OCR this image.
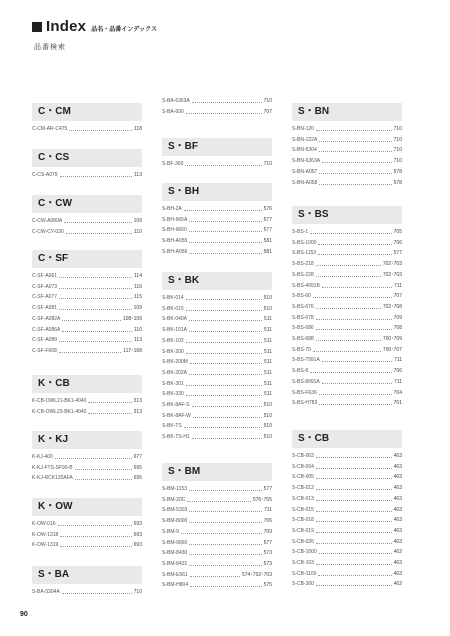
Index 品名・品番インデックス
品番検索
C・CM
C-CM-AR-C475	118
C・CS
C-CS-A079	113
C・CW
C-CW-A080A	109
C-CW-CY-030	110
C・SF
C-SF-A061	114
C-SF-A073	116
C-SF-A077	115
C-SF-A081	109
C-SF-A082A	108･109
C-SF-A086A	110
C-SF-A089	113
C-SF-F668	117･168
K・CB
K-CB-OWL21-BK1-4040	313
K-CB-OWL23-BK1-4040	313
K・KJ
K-KJ-400	677
K-KJ-FTS-SF90-B	695
K-KJ-RCK120AFA	695
K・OW
K-OW-016	693
K-OW-1318	693
K-OW-1319	693
S・BA
S-BA-5304A	710
S-BA-6363A	710
S-BA-690	707
S・BF
S-BF-360	710
S・BH
S-BH-2A	576
S-BH-965A	577
S-BH-9660	577
S-BH-A055	581
S-BH-A056	581
S・BK
S-BK-014	510
S-BK-015	510
S-BK-040A	511
S-BK-101A	511
S-BK-102	511
S-BK-200	511
S-BK-200M	511
S-BK-202A	511
S-BK-301	511
S-BK-330	511
S-BK-8AF-S	510
S-BK-8AF-W	510
S-BK-TS	510
S-BK-TS-H1	510
S・BM
S-BM-1153	577
S-BM-20C	576･705
S-BM-5303	711
S-BM-8000	706
S-BM-9	709
S-BM-9660	577
S-BM-8430	573
S-BM-8431	573
S-BM-E561	574･702･703
S-BM-H804	575
S・BN
S-BN-120	710
S-BN-122A	710
S-BN-5304	710
S-BN-6363A	710
S-BN-A057	578
S-BN-A058	578
S・BS
S-BS-1	705
S-BS-1000	706
S-BS-1153	577
S-BS-218	702･703
S-BS-228	702･703
S-BS-4991B	711
S-BS-60	707
S-BS-676	702･708
S-BS-678	709
S-BS-686	708
S-BS-688	700･709
S-BS-70	700･707
S-BS-7991A	711
S-BS-8	706
S-BS-8991A	711
S-BS-F636	704
S-BS-H783	701
S・CB
S-CB-003	463
S-CB-004	463
S-CB-005	463
S-CB-012	463
S-CB-013	463
S-CB-015	463
S-CB-018	463
S-CB-019	463
S-CB-026	463
S-CB-1000	462
S-CB-103	463
S-CB-1100	463
S-CB-300	462
90
